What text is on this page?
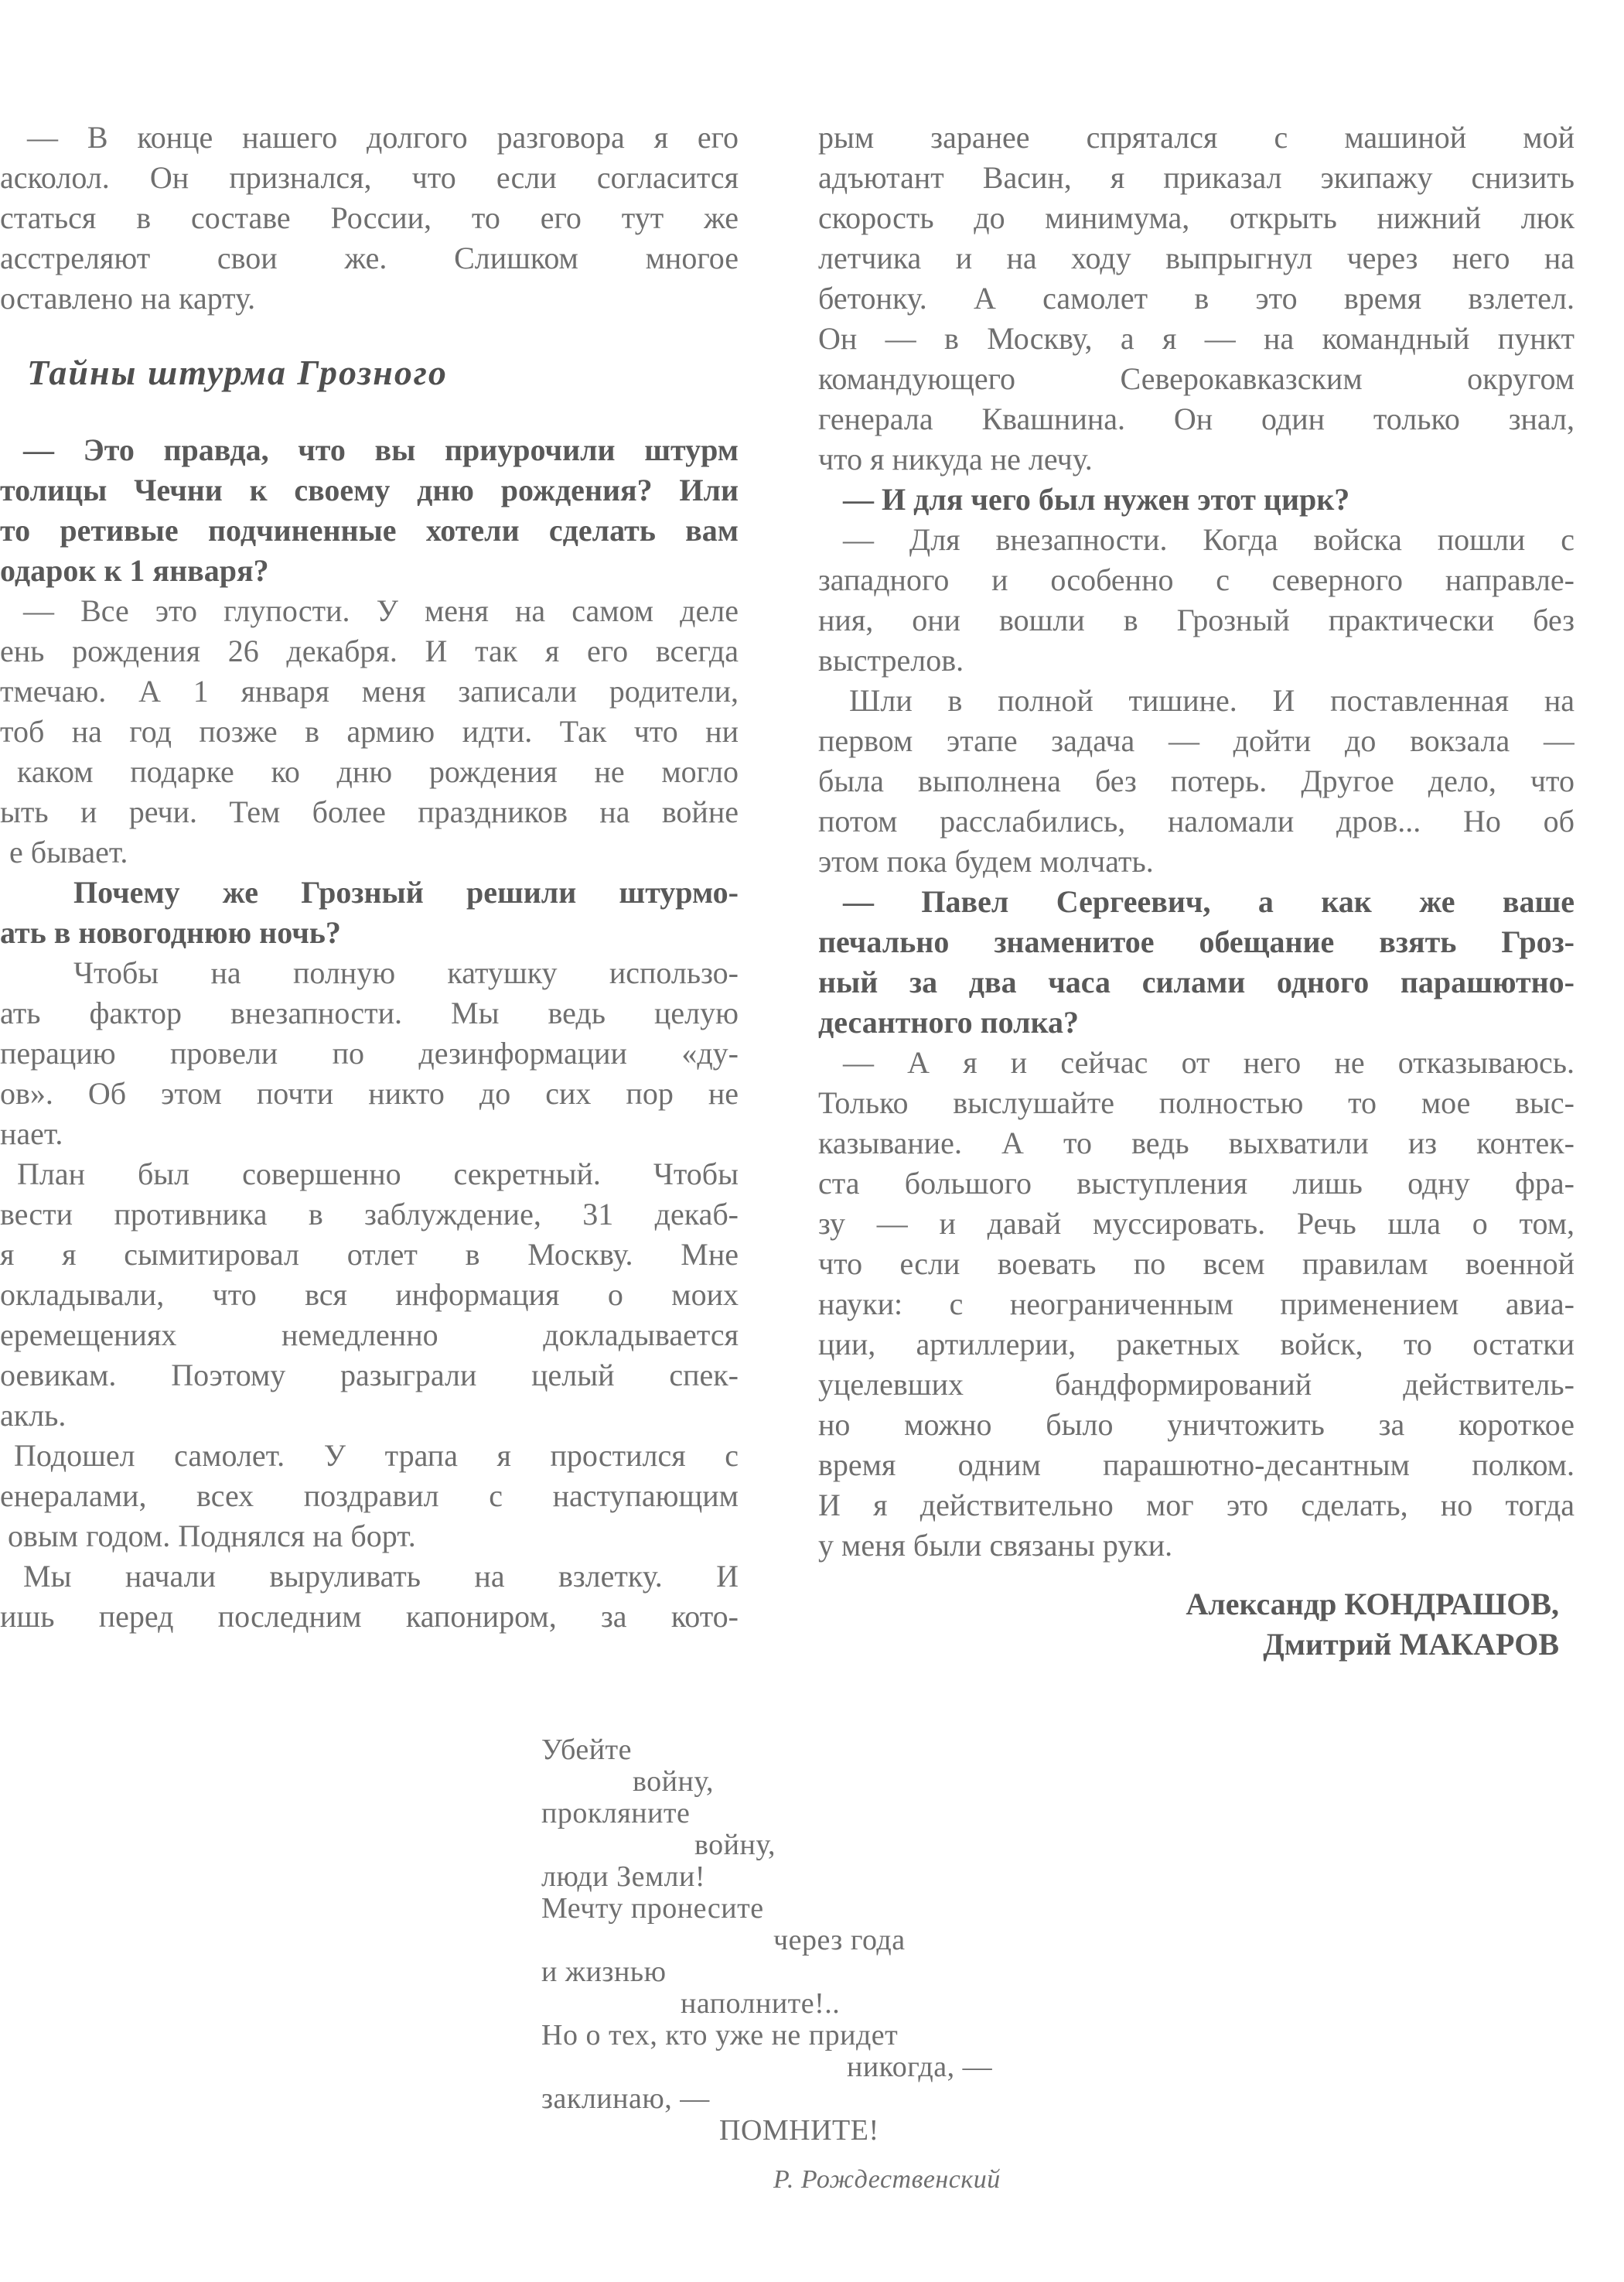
— В конце нашего долгого разговора я его
асколол. Он признался, что если согласится
статься в составе России, то его тут же
асстреляют свои же. Слишком многое
оставлено на карту.
Тайны штурма Грозного
— Это правда, что вы приурочили штурм
толицы Чечни к своему дню рождения? Или
то ретивые подчиненные хотели сделать вам
одарок к 1 января?
— Все это глупости. У меня на самом деле
ень рождения 26 декабря. И так я его всегда
тмечаю. А 1 января меня записали родители,
тоб на год позже в армию идти. Так что ни
каком подарке ко дню рождения не могло
ыть и речи. Тем более праздников на войне
е бывает.
Почему же Грозный решили штурмо-
ать в новогоднюю ночь?
Чтобы на полную катушку использо-
ать фактор внезапности. Мы ведь целую
перацию провели по дезинформации «ду-
ов». Об этом почти никто до сих пор не
нает.
План был совершенно секретный. Чтобы
вести противника в заблуждение, 31 декаб-
я я сымитировал отлет в Москву. Мне
окладывали, что вся информация о моих
еремещениях немедленно докладывается
оевикам. Поэтому разыграли целый спек-
акль.
Подошел самолет. У трапа я простился с
енералами, всех поздравил с наступающим
овым годом. Поднялся на борт.
Мы начали выруливать на взлетку. И
ишь перед последним капониром, за кото-
рым заранее спрятался с машиной мой
адъютант Васин, я приказал экипажу снизить
скорость до минимума, открыть нижний люк
летчика и на ходу выпрыгнул через него на
бетонку. А самолет в это время взлетел.
Он — в Москву, а я — на командный пункт
командующего Северокавказским округом
генерала Квашнина. Он один только знал,
что я никуда не лечу.
— И для чего был нужен этот цирк?
— Для внезапности. Когда войска пошли с
западного и особенно с северного направле-
ния, они вошли в Грозный практически без
выстрелов.
Шли в полной тишине. И поставленная на
первом этапе задача — дойти до вокзала —
была выполнена без потерь. Другое дело, что
потом расслабились, наломали дров... Но об
этом пока будем молчать.
— Павел Сергеевич, а как же ваше
печально знаменитое обещание взять Гроз-
ный за два часа силами одного парашютно-
десантного полка?
— А я и сейчас от него не отказываюсь.
Только выслушайте полностью то мое выс-
казывание. А то ведь выхватили из контек-
ста большого выступления лишь одну фра-
зу — и давай муссировать. Речь шла о том,
что если воевать по всем правилам военной
науки: с неограниченным применением авиа-
ции, артиллерии, ракетных войск, то остатки
уцелевших бандформирований действитель-
но можно было уничтожить за короткое
время одним парашютно-десантным полком.
И я действительно мог это сделать, но тогда
у меня были связаны руки.
Александр КОНДРАШОВ,
Дмитрий МАКАРОВ
Убейте
войну,
прокляните
войну,
люди Земли!
Мечту пронесите
через года
и жизнью
наполните!..
Но о тех, кто уже не придет
никогда, —
заклинаю, —
ПОМНИТЕ!
Р. Рождественский
